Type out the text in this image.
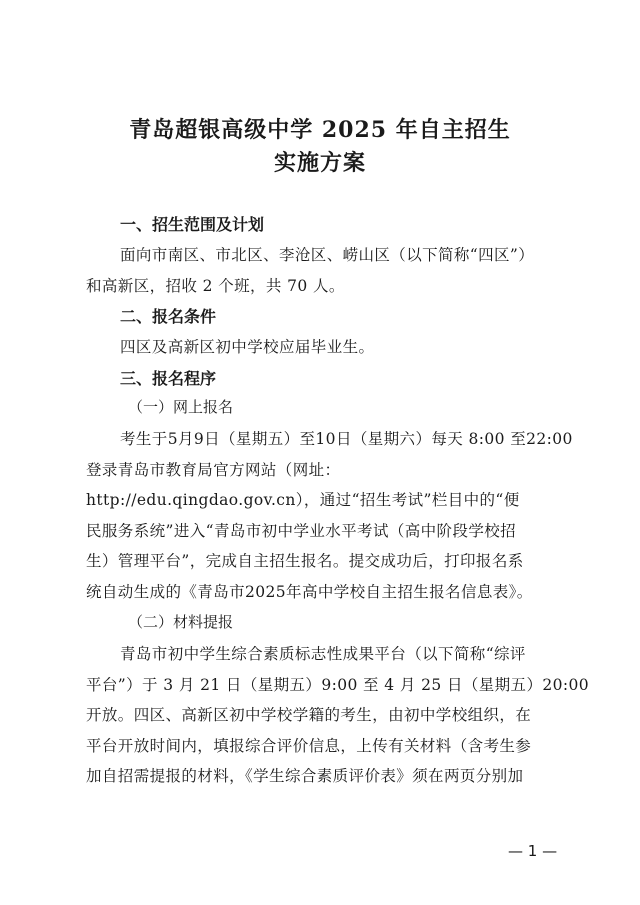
青岛超银高级中学 2025 年自主招生
实施方案
一、招生范围及计划
面向市南区、市北区、李沧区、崂山区（以下简称“四区”）
和高新区，招收 2 个班，共 70 人。
二、报名条件
四区及高新区初中学校应届毕业生。
三、报名程序
（一）网上报名
考生于5月9日（星期五）至10日（星期六）每天 8:00 至22:00
登录青岛市教育局官方网站（网址：
http://edu.qingdao.gov.cn），通过“招生考试”栏目中的“便
民服务系统”进入“青岛市初中学业水平考试（高中阶段学校招
生）管理平台”，完成自主招生报名。提交成功后，打印报名系
统自动生成的《青岛市2025年高中学校自主招生报名信息表》。
（二）材料提报
青岛市初中学生综合素质标志性成果平台（以下简称“综评
平台”）于 3 月 21 日（星期五）9:00 至 4 月 25 日（星期五）20:00
开放。四区、高新区初中学校学籍的考生，由初中学校组织，在
平台开放时间内，填报综合评价信息，上传有关材料（含考生参
加自招需提报的材料，《学生综合素质评价表》须在两页分别加
— 1 —
